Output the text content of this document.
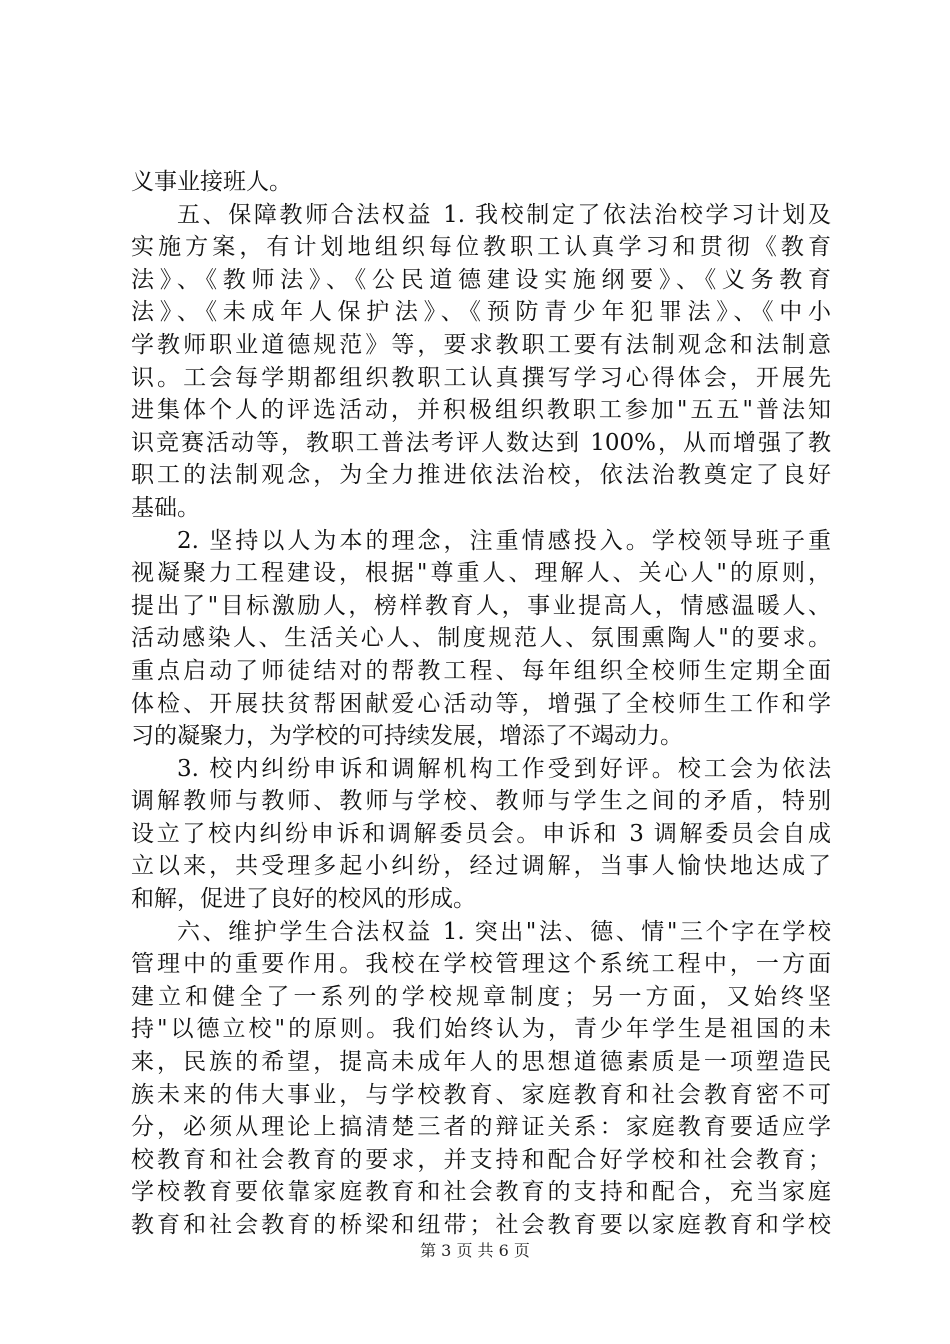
义事业接班人。
五、保障教师合法权益 1. 我校制定了依法治校学习计划及
实施方案，有计划地组织每位教职工认真学习和贯彻《教育
法》、《教师法》、《公民道德建设实施纲要》、《义务教育
法》、《未成年人保护法》、《预防青少年犯罪法》、《中小
学教师职业道德规范》等，要求教职工要有法制观念和法制意
识。工会每学期都组织教职工认真撰写学习心得体会，开展先
进集体个人的评选活动，并积极组织教职工参加"五五"普法知
识竞赛活动等，教职工普法考评人数达到 100%，从而增强了教
职工的法制观念，为全力推进依法治校，依法治教奠定了良好
基础。
2. 坚持以人为本的理念，注重情感投入。学校领导班子重
视凝聚力工程建设，根据"尊重人、理解人、关心人"的原则，
提出了"目标激励人，榜样教育人，事业提高人，情感温暖人、
活动感染人、生活关心人、制度规范人、氛围熏陶人"的要求。
重点启动了师徒结对的帮教工程、每年组织全校师生定期全面
体检、开展扶贫帮困献爱心活动等，增强了全校师生工作和学
习的凝聚力，为学校的可持续发展，增添了不竭动力。
3. 校内纠纷申诉和调解机构工作受到好评。校工会为依法
调解教师与教师、教师与学校、教师与学生之间的矛盾，特别
设立了校内纠纷申诉和调解委员会。申诉和 3 调解委员会自成
立以来，共受理多起小纠纷，经过调解，当事人愉快地达成了
和解，促进了良好的校风的形成。
六、维护学生合法权益 1. 突出"法、德、情"三个字在学校
管理中的重要作用。我校在学校管理这个系统工程中，一方面
建立和健全了一系列的学校规章制度；另一方面，又始终坚
持"以德立校"的原则。我们始终认为，青少年学生是祖国的未
来，民族的希望，提高未成年人的思想道德素质是一项塑造民
族未来的伟大事业，与学校教育、家庭教育和社会教育密不可
分，必须从理论上搞清楚三者的辩证关系：家庭教育要适应学
校教育和社会教育的要求，并支持和配合好学校和社会教育；
学校教育要依靠家庭教育和社会教育的支持和配合，充当家庭
教育和社会教育的桥梁和纽带；社会教育要以家庭教育和学校
第 3 页 共 6 页
